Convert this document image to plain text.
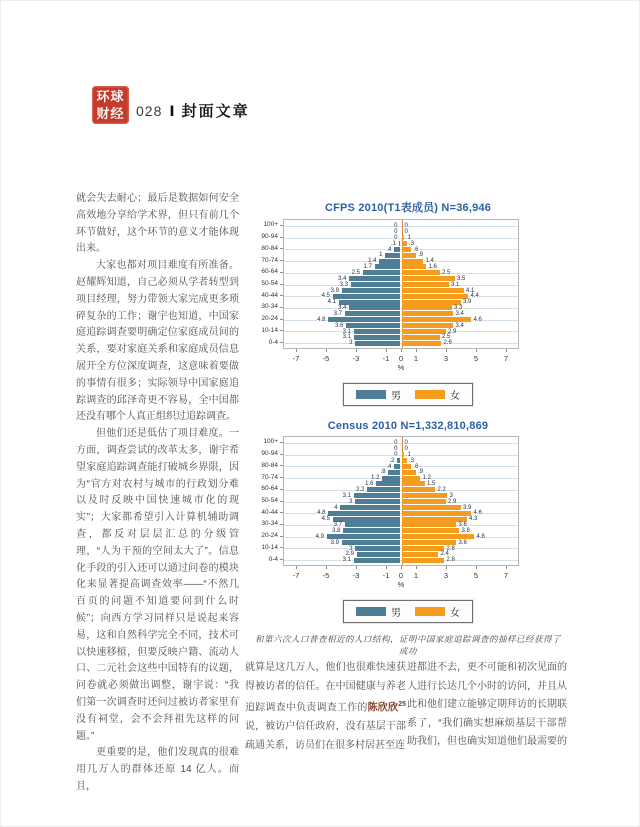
环球
财经 028 Ⅰ 封面文章

就会失去耐心；最后是数据如何安全高效地分享给学术界，但只有前几个环节做好，这个环节的意义才能体现出来。

大家也都对项目难度有所准备。赵耀辉知道，自己必须从学者转型到项目经理，努力带领大家完成更多琐碎复杂的工作；谢宇也知道，中国家庭追踪调查要明确定位家庭成员间的关系，要对家庭关系和家庭成员信息展开全方位深度调查，这意味着要做的事情有很多；实际领导中国家庭追踪调查的邱泽奇更不容易，全中国都还没有哪个人真正组织过追踪调查。

但他们还是低估了项目难度。一方面，调查尝试的改革太多，谢宇希望家庭追踪调查能打破城乡界限，因为“官方对农村与城市的行政划分难以及时反映中国快速城市化的现实”；大家都希望引入计算机辅助调查，都反对层层汇总的分级管理，“人为干预的空间太大了”。信息化手段的引入还可以通过问卷的模块化来显著提高调查效率——“不然几百页的问题不知道要问到什么时候”；向西方学习同样只是说起来容易，这和自然科学完全不同，技术可以快速移植，但要反映户籍、流动人口、二元社会这些中国特有的议题，问卷就必须做出调整，谢宇说：“我们第一次调查时还问过被访者家里有没有祠堂，会不会拜祖先这样的问题。”

更重要的是，他们发现真的很难用几万人的群体还原 14 亿人。而且，

CFPS 2010(T1表成员) N=36,946
100+
90-94
80-84
70-74
60-64
50-54
40-44
30-34
20-24
10-14
0-4
0
0
0
.1
.4
1
1.4
1.7
2.5
3.4
3.3
3.9
4.5
4.1
3.4
3.7
4.8
3.6
3.1
3.1
3
0
0
.1
.3
.6
.9
1.4
1.6
2.5
3.5
3.1
4.1
4.4
3.9
3.3
3.4
4.6
3.4
2.9
2.5
2.6
-7	-5	-3	-1	0	1	3	5	7
%
男	女
Census 2010 N=1,332,810,869
100+
90-94
80-84
70-74
60-64
50-54
40-44
30-34
20-24
10-14
0-4
0
0
0
.2
.4
.8
1.2
1.6
2.2
3.1
3
4
4.8
4.5
3.7
3.8
4.9
3.9
3
2.9
3.1
0
0
.1
.3
.6
.9
1.2
1.5
2.2
3
2.9
3.9
4.6
4.3
3.6
3.8
4.8
3.6
2.8
2.4
2.8
-7	-5	-3	-1	0	1	3	5	7
%
男	女
和第六次人口普查相近的人口结构，证明中国家庭追踪调查的抽样已经获得了成功
就算是这几万人，他们也很难快速获得被访者的信任。在中国健康与养老追踪调查中负责调查工作的陈欣欣$^{25}$说，被访户信任政府，没有基层干部疏通关系，访员们在很多村居甚至连
进都进不去，更不可能和初次见面的人进行长达几个小时的访问，并且从此和他们建立能够定期拜访的长期联系了，“我们确实想麻烦基层干部帮助我们，但也确实知道他们最需要的
